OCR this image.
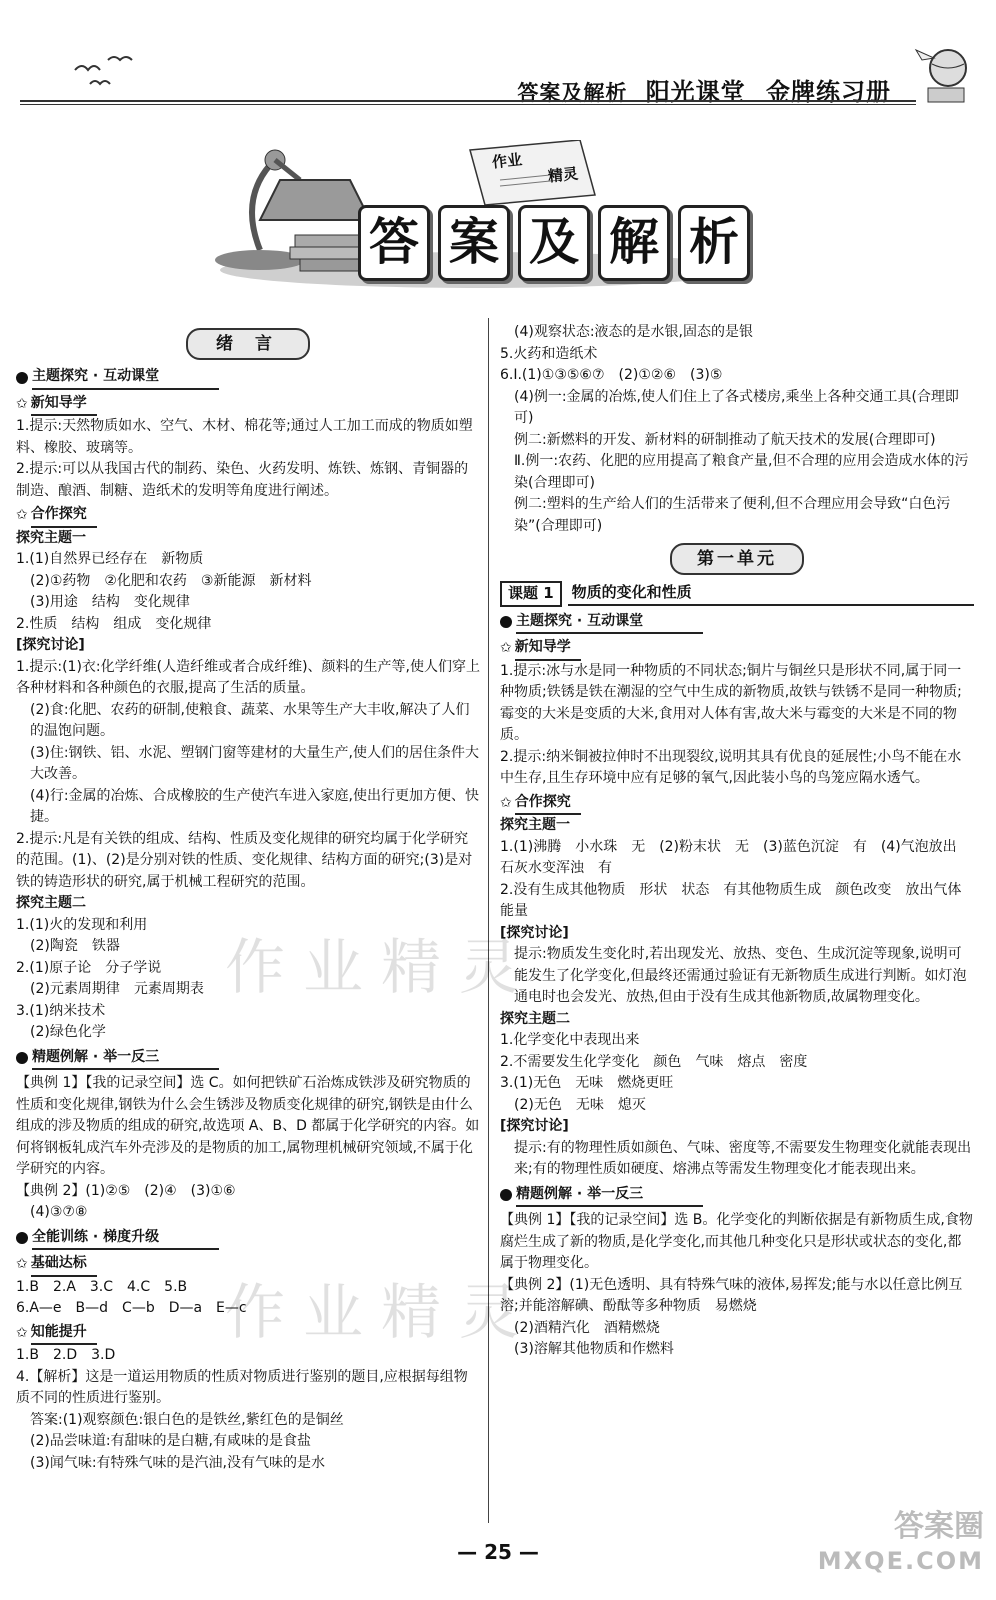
答案及解析 阳光课堂 金牌练习册
作业
精灵
答 案 及 解 析
绪 言
主题探究 · 互动课堂
✩ 新知导学

1.提示:天然物质如水、空气、木材、棉花等;通过人工加工而成的物质如塑料、橡胶、玻璃等。

2.提示:可以从我国古代的制药、染色、火药发明、炼铁、炼钢、青铜器的制造、酿酒、制糖、造纸术的发明等角度进行阐述。

✩ 合作探究

探究主题一

1.(1)自然界已经存在　新物质

(2)①药物　②化肥和农药　③新能源　新材料

(3)用途　结构　变化规律

2.性质　结构　组成　变化规律

[探究讨论]

1.提示:(1)衣:化学纤维(人造纤维或者合成纤维)、颜料的生产等,使人们穿上各种材料和各种颜色的衣服,提高了生活的质量。

(2)食:化肥、农药的研制,使粮食、蔬菜、水果等生产大丰收,解决了人们的温饱问题。

(3)住:钢铁、铝、水泥、塑钢门窗等建材的大量生产,使人们的居住条件大大改善。

(4)行:金属的冶炼、合成橡胶的生产使汽车进入家庭,使出行更加方便、快捷。

2.提示:凡是有关铁的组成、结构、性质及变化规律的研究均属于化学研究的范围。(1)、(2)是分别对铁的性质、变化规律、结构方面的研究;(3)是对铁的铸造形状的研究,属于机械工程研究的范围。

探究主题二

1.(1)火的发现和利用

(2)陶瓷　铁器

2.(1)原子论　分子学说

(2)元素周期律　元素周期表

3.(1)纳米技术

(2)绿色化学

精题例解 · 举一反三

【典例 1】【我的记录空间】选 C。如何把铁矿石治炼成铁涉及研究物质的性质和变化规律,钢铁为什么会生锈涉及物质变化规律的研究,钢铁是由什么组成的涉及物质的组成的研究,故选项 A、B、D 都属于化学研究的内容。如何将钢板轧成汽车外壳涉及的是物质的加工,属物理机械研究领域,不属于化学研究的内容。

【典例 2】(1)②⑤　(2)④　(3)①⑥

(4)③⑦⑧

全能训练 · 梯度升级
✩ 基础达标

1.B　2.A　3.C　4.C　5.B

6.A—e　B—d　C—b　D—a　E—c

✩ 知能提升

1.B　2.D　3.D

4.【解析】这是一道运用物质的性质对物质进行鉴别的题目,应根据每组物质不同的性质进行鉴别。

答案:(1)观察颜色:银白色的是铁丝,紫红色的是铜丝

(2)品尝味道:有甜味的是白糖,有咸味的是食盐

(3)闻气味:有特殊气味的是汽油,没有气味的是水

(4)观察状态:液态的是水银,固态的是银

5.火药和造纸术

6.Ⅰ.(1)①③⑤⑥⑦　(2)①②⑥　(3)⑤

(4)例一:金属的冶炼,使人们住上了各式楼房,乘坐上各种交通工具(合理即可)

例二:新燃料的开发、新材料的研制推动了航天技术的发展(合理即可)

Ⅱ.例一:农药、化肥的应用提高了粮食产量,但不合理的应用会造成水体的污染(合理即可)

例二:塑料的生产给人们的生活带来了便利,但不合理应用会导致“白色污染”(合理即可)

第一单元
课题 1	物质的变化和性质
主题探究 · 互动课堂
✩ 新知导学

1.提示:冰与水是同一种物质的不同状态;铜片与铜丝只是形状不同,属于同一种物质;铁锈是铁在潮湿的空气中生成的新物质,故铁与铁锈不是同一种物质;霉变的大米是变质的大米,食用对人体有害,故大米与霉变的大米是不同的物质。

2.提示:纳米铜被拉伸时不出现裂纹,说明其具有优良的延展性;小鸟不能在水中生存,且生存环境中应有足够的氧气,因此装小鸟的鸟笼应隔水透气。

✩ 合作探究

探究主题一

1.(1)沸腾　小水珠　无　(2)粉末状　无　(3)蓝色沉淀　有　(4)气泡放出　石灰水变浑浊　有

2.没有生成其他物质　形状　状态　有其他物质生成　颜色改变　放出气体　能量

[探究讨论]

提示:物质发生变化时,若出现发光、放热、变色、生成沉淀等现象,说明可能发生了化学变化,但最终还需通过验证有无新物质生成进行判断。如灯泡通电时也会发光、放热,但由于没有生成其他新物质,故属物理变化。

探究主题二

1.化学变化中表现出来

2.不需要发生化学变化　颜色　气味　熔点　密度

3.(1)无色　无味　燃烧更旺

(2)无色　无味　熄灭

[探究讨论]

提示:有的物理性质如颜色、气味、密度等,不需要发生物理变化就能表现出来;有的物理性质如硬度、熔沸点等需发生物理变化才能表现出来。

精题例解 · 举一反三

【典例 1】【我的记录空间】选 B。化学变化的判断依据是有新物质生成,食物腐烂生成了新的物质,是化学变化,而其他几种变化只是形状或状态的变化,都属于物理变化。

【典例 2】(1)无色透明、具有特殊气味的液体,易挥发;能与水以任意比例互溶;并能溶解碘、酚酞等多种物质　易燃烧

(2)酒精汽化　酒精燃烧

(3)溶解其他物质和作燃料

作业精灵
作业精灵
— 25 —
答案圈
MXQE.COM
